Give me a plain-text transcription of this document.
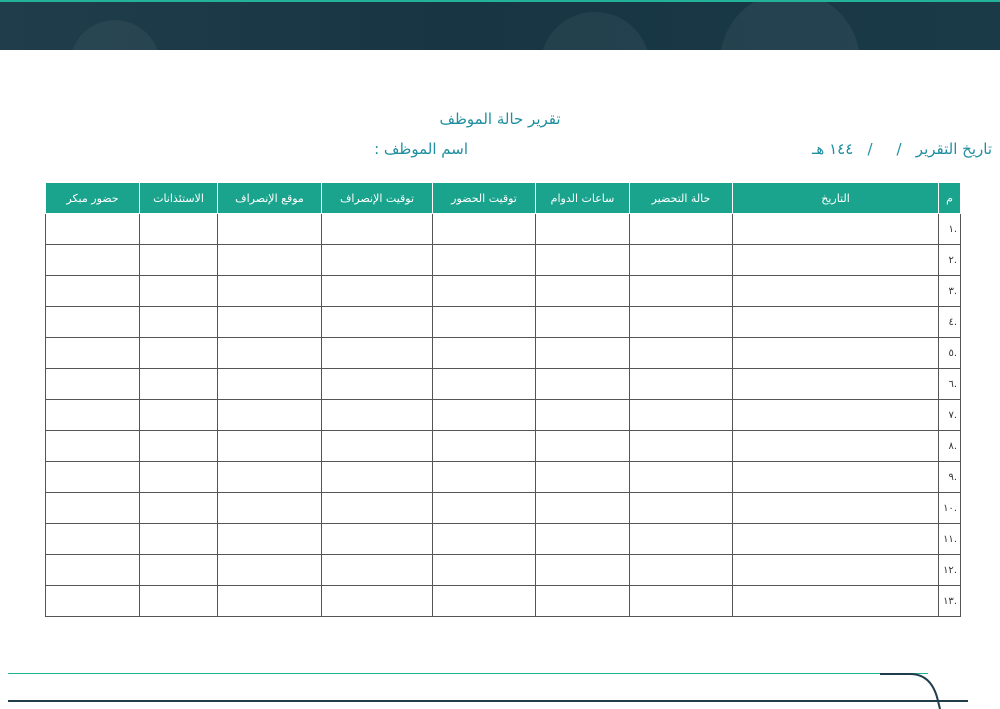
تقرير حالة الموظف
تاريخ التقرير   /     /   ١٤٤ هـ
اسم الموظف :
م	التاريخ	حالة التحضير	ساعات الدوام	توقيت الحضور	توقيت الإنصراف	موقع الإنصراف	الاستئذانات	حضور مبكر
.١								
.٢								
.٣								
.٤								
.٥								
.٦								
.٧								
.٨								
.٩								
.١٠								
.١١								
.١٢								
.١٣								
